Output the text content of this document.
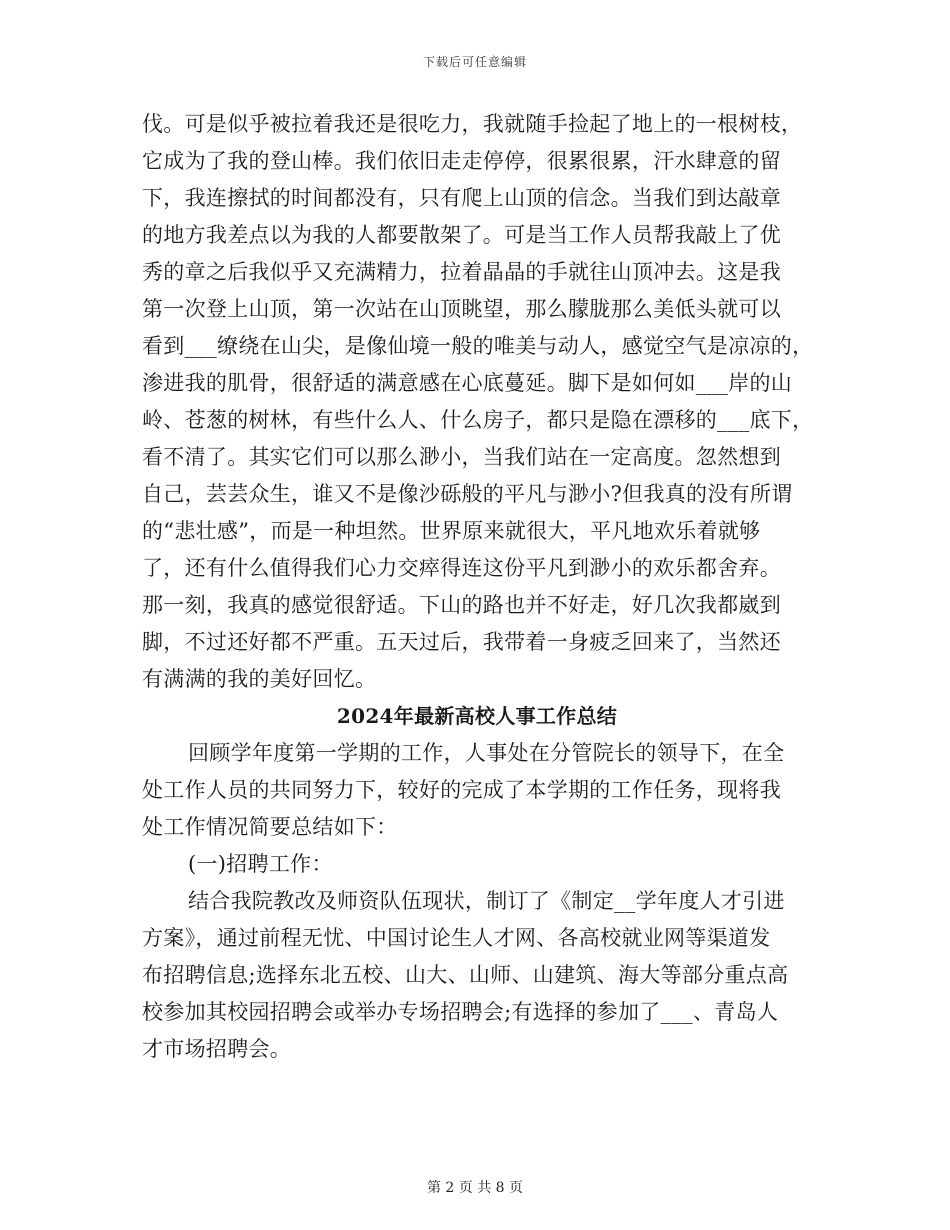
下载后可任意编辑
伐。可是似乎被拉着我还是很吃力，我就随手捡起了地上的一根树枝，
它成为了我的登山棒。我们依旧走走停停，很累很累，汗水肆意的留
下，我连擦拭的时间都没有，只有爬上山顶的信念。当我们到达敲章
的地方我差点以为我的人都要散架了。可是当工作人员帮我敲上了优
秀的章之后我似乎又充满精力，拉着晶晶的手就往山顶冲去。这是我
第一次登上山顶，第一次站在山顶眺望，那么朦胧那么美低头就可以
看到___缭绕在山尖，是像仙境一般的唯美与动人，感觉空气是凉凉的，
渗进我的肌骨，很舒适的满意感在心底蔓延。脚下是如何如___岸的山
岭、苍葱的树林，有些什么人、什么房子，都只是隐在漂移的___底下，
看不清了。其实它们可以那么渺小，当我们站在一定高度。忽然想到
自己，芸芸众生，谁又不是像沙砾般的平凡与渺小?但我真的没有所谓
的“悲壮感”，而是一种坦然。世界原来就很大，平凡地欢乐着就够
了，还有什么值得我们心力交瘁得连这份平凡到渺小的欢乐都舍弃。
那一刻，我真的感觉很舒适。下山的路也并不好走，好几次我都崴到
脚，不过还好都不严重。五天过后，我带着一身疲乏回来了，当然还
有满满的我的美好回忆。
2024年最新高校人事工作总结
回顾学年度第一学期的工作，人事处在分管院长的领导下，在全
处工作人员的共同努力下，较好的完成了本学期的工作任务，现将我
处工作情况简要总结如下：
(一)招聘工作：
结合我院教改及师资队伍现状，制订了《制定__学年度人才引进
方案》，通过前程无忧、中国讨论生人才网、各高校就业网等渠道发
布招聘信息;选择东北五校、山大、山师、山建筑、海大等部分重点高
校参加其校园招聘会或举办专场招聘会;有选择的参加了___、青岛人
才市场招聘会。
第 2 页 共 8 页
